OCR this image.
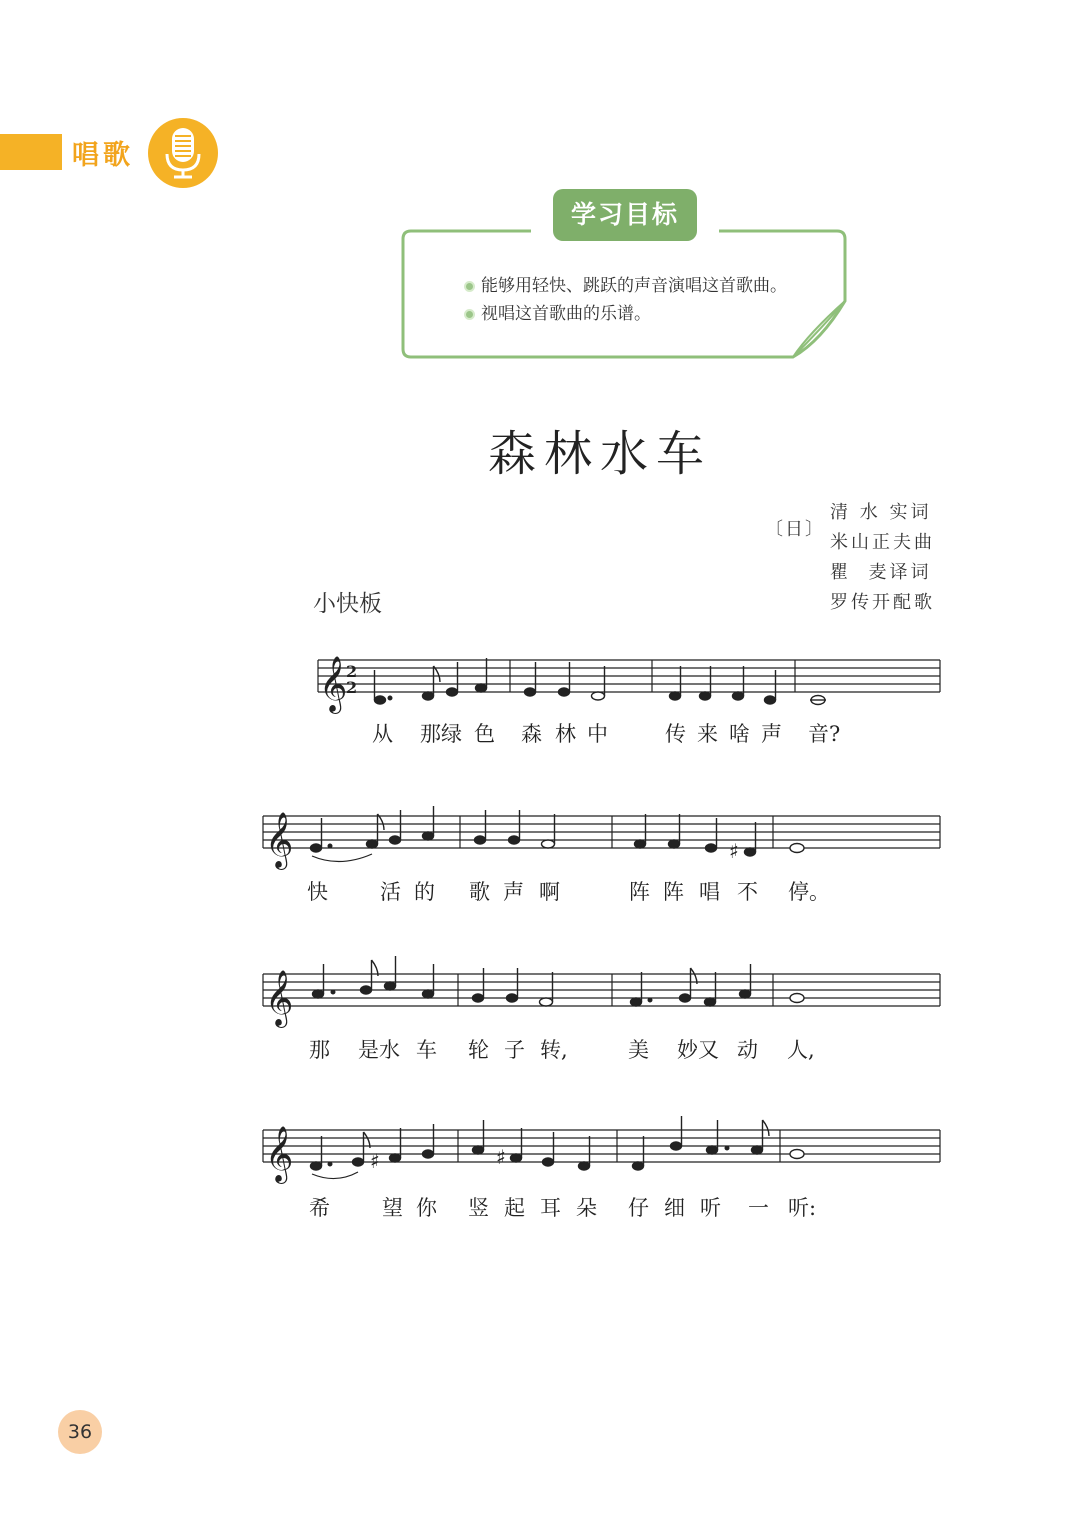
唱歌
学习目标
能够用轻快、跳跃的声音演唱这首歌曲。
视唱这首歌曲的乐谱。
森林水车
〔日〕
清 水 实词
米山正夫曲
瞿  麦译词
罗传开配歌
小快板
𝄞
2
2
从 那绿 色 森 林 中	传 来 啥 声 音?
𝄞	♯
快 活 的 歌 声 啊	阵 阵 唱 不 停。
𝄞
那 是水 车 轮 子 转,	美 妙又 动 人,
𝄞	♯	♯
希 望 你 竖 起 耳 朵 仔 细 听 一 听:
36
